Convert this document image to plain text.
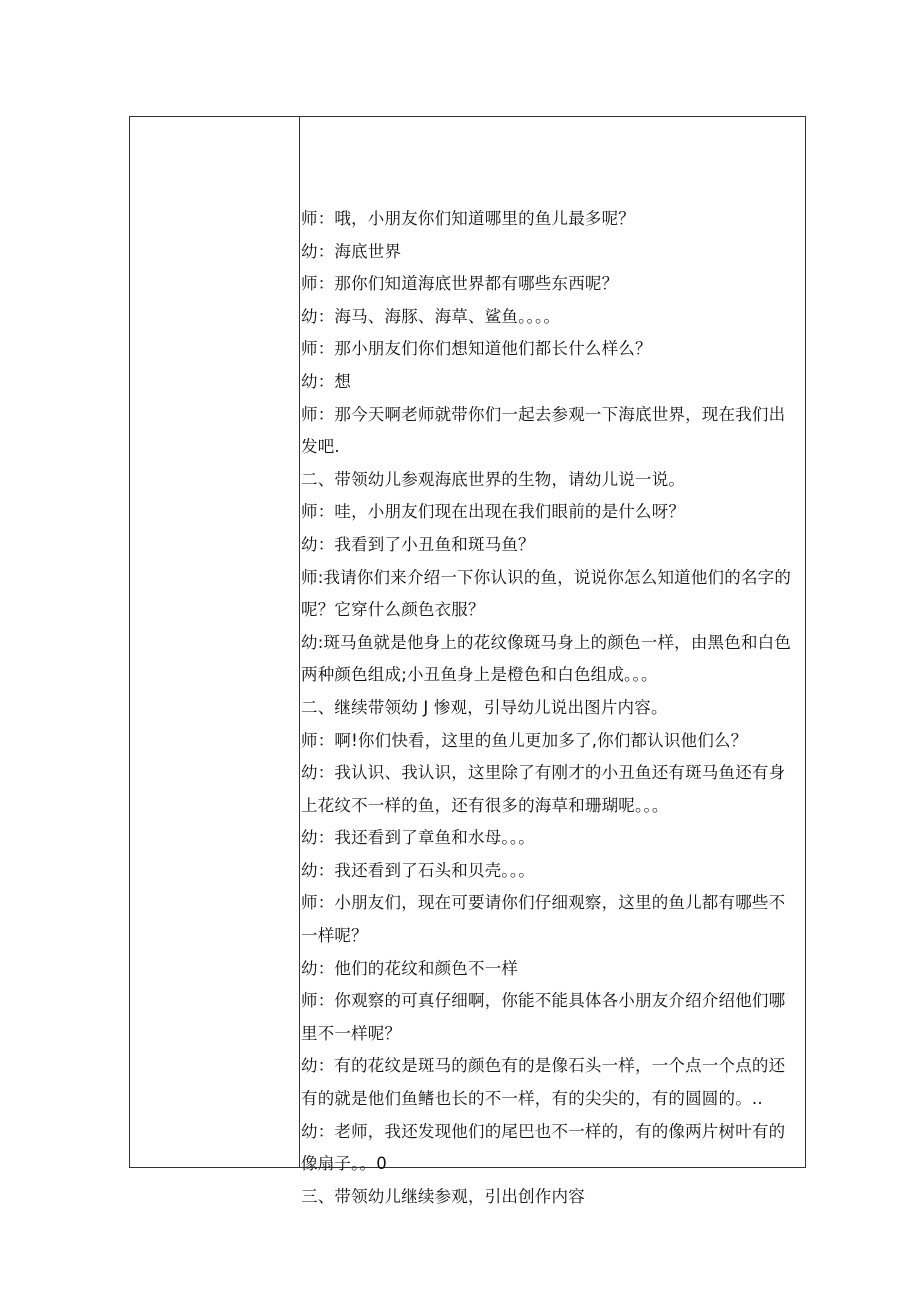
师：哦，小朋友你们知道哪里的鱼儿最多呢？
幼：海底世界
师：那你们知道海底世界都有哪些东西呢？
幼：海马、海豚、海草、鲨鱼。。。。
师：那小朋友们你们想知道他们都长什么样么？
幼：想
师：那今天啊老师就带你们一起去参观一下海底世界，现在我们出
发吧.
二、带领幼儿参观海底世界的生物，请幼儿说一说。
师：哇，小朋友们现在出现在我们眼前的是什么呀？
幼：我看到了小丑鱼和斑马鱼？
师:我请你们来介绍一下你认识的鱼，说说你怎么知道他们的名字的
呢？它穿什么颜色衣服？
幼:斑马鱼就是他身上的花纹像斑马身上的颜色一样，由黑色和白色
两种颜色组成;小丑鱼身上是橙色和白色组成。。。
二、继续带领幼 J 惨观，引导幼儿说出图片内容。
师：啊!你们快看，这里的鱼儿更加多了,你们都认识他们么？
幼：我认识、我认识，这里除了有刚才的小丑鱼还有斑马鱼还有身
上花纹不一样的鱼，还有很多的海草和珊瑚呢。。。
幼：我还看到了章鱼和水母。。。
幼：我还看到了石头和贝壳。。。
师：小朋友们，现在可要请你们仔细观察，这里的鱼儿都有哪些不
一样呢？
幼：他们的花纹和颜色不一样
师：你观察的可真仔细啊，你能不能具体各小朋友介绍介绍他们哪
里不一样呢？
幼：有的花纹是斑马的颜色有的是像石头一样，一个点一个点的还
有的就是他们鱼鳍也长的不一样，有的尖尖的，有的圆圆的。..
幼：老师，我还发现他们的尾巴也不一样的，有的像两片树叶有的
像扇子。。0
三、带领幼儿继续参观，引出创作内容
